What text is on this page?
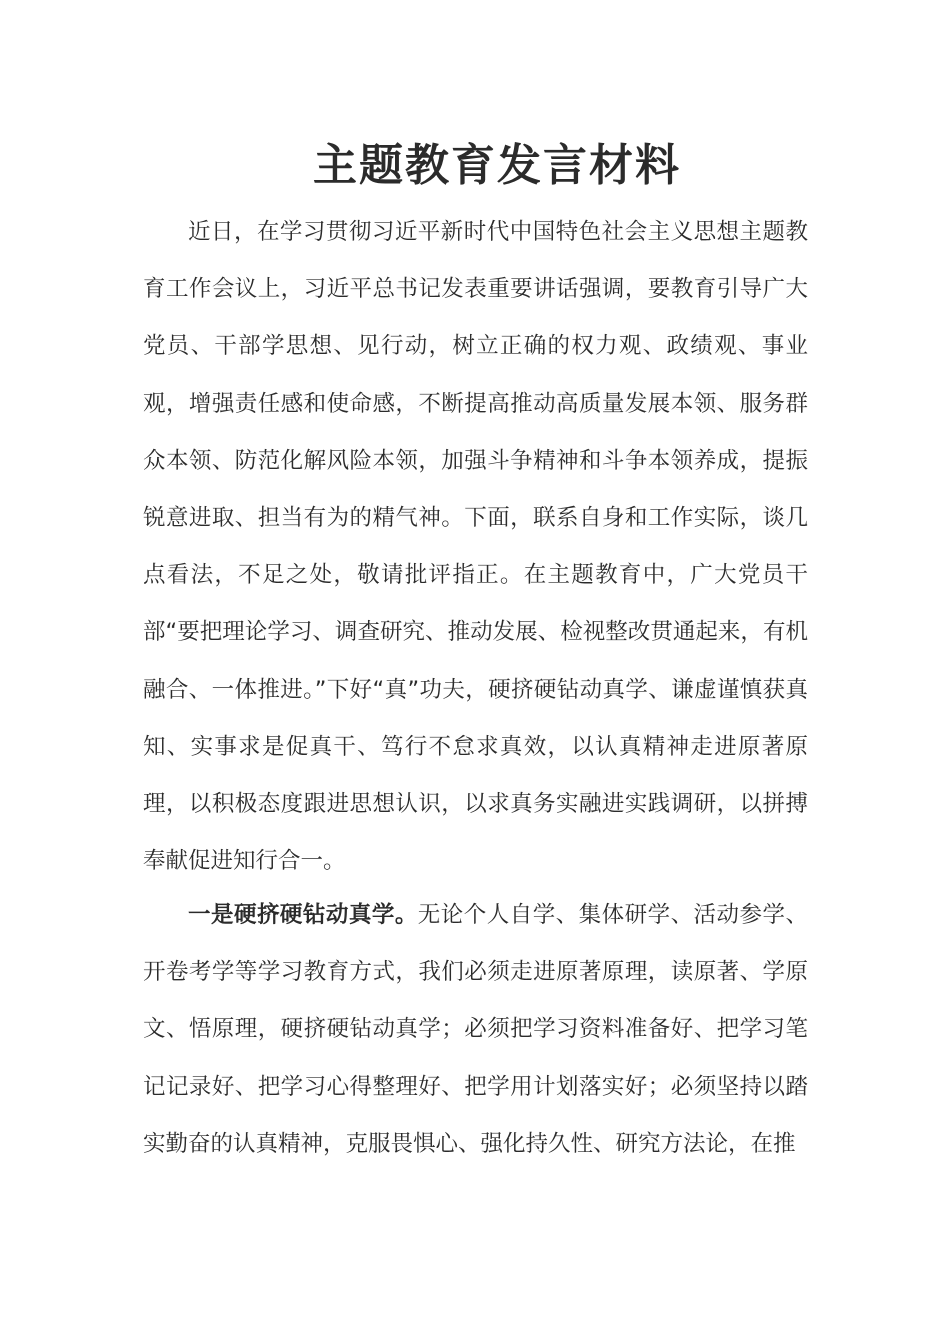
主题教育发言材料

近日，在学习贯彻习近平新时代中国特色社会主义思想主题教育工作会议上，习近平总书记发表重要讲话强调，要教育引导广大党员、干部学思想、见行动，树立正确的权力观、政绩观、事业观，增强责任感和使命感，不断提高推动高质量发展本领、服务群众本领、防范化解风险本领，加强斗争精神和斗争本领养成，提振锐意进取、担当有为的精气神。下面，联系自身和工作实际，谈几点看法，不足之处，敬请批评指正。在主题教育中，广大党员干部“要把理论学习、调查研究、推动发展、检视整改贯通起来，有机融合、一体推进。”下好“真”功夫，硬挤硬钻动真学、谦虚谨慎获真知、实事求是促真干、笃行不怠求真效，以认真精神走进原著原理，以积极态度跟进思想认识，以求真务实融进实践调研，以拼搏奉献促进知行合一。

一是硬挤硬钻动真学。无论个人自学、集体研学、活动参学、开卷考学等学习教育方式，我们必须走进原著原理，读原著、学原文、悟原理，硬挤硬钻动真学；必须把学习资料准备好、把学习笔记记录好、把学习心得整理好、把学用计划落实好；必须坚持以踏实勤奋的认真精神，克服畏惧心、强化持久性、研究方法论，在推
